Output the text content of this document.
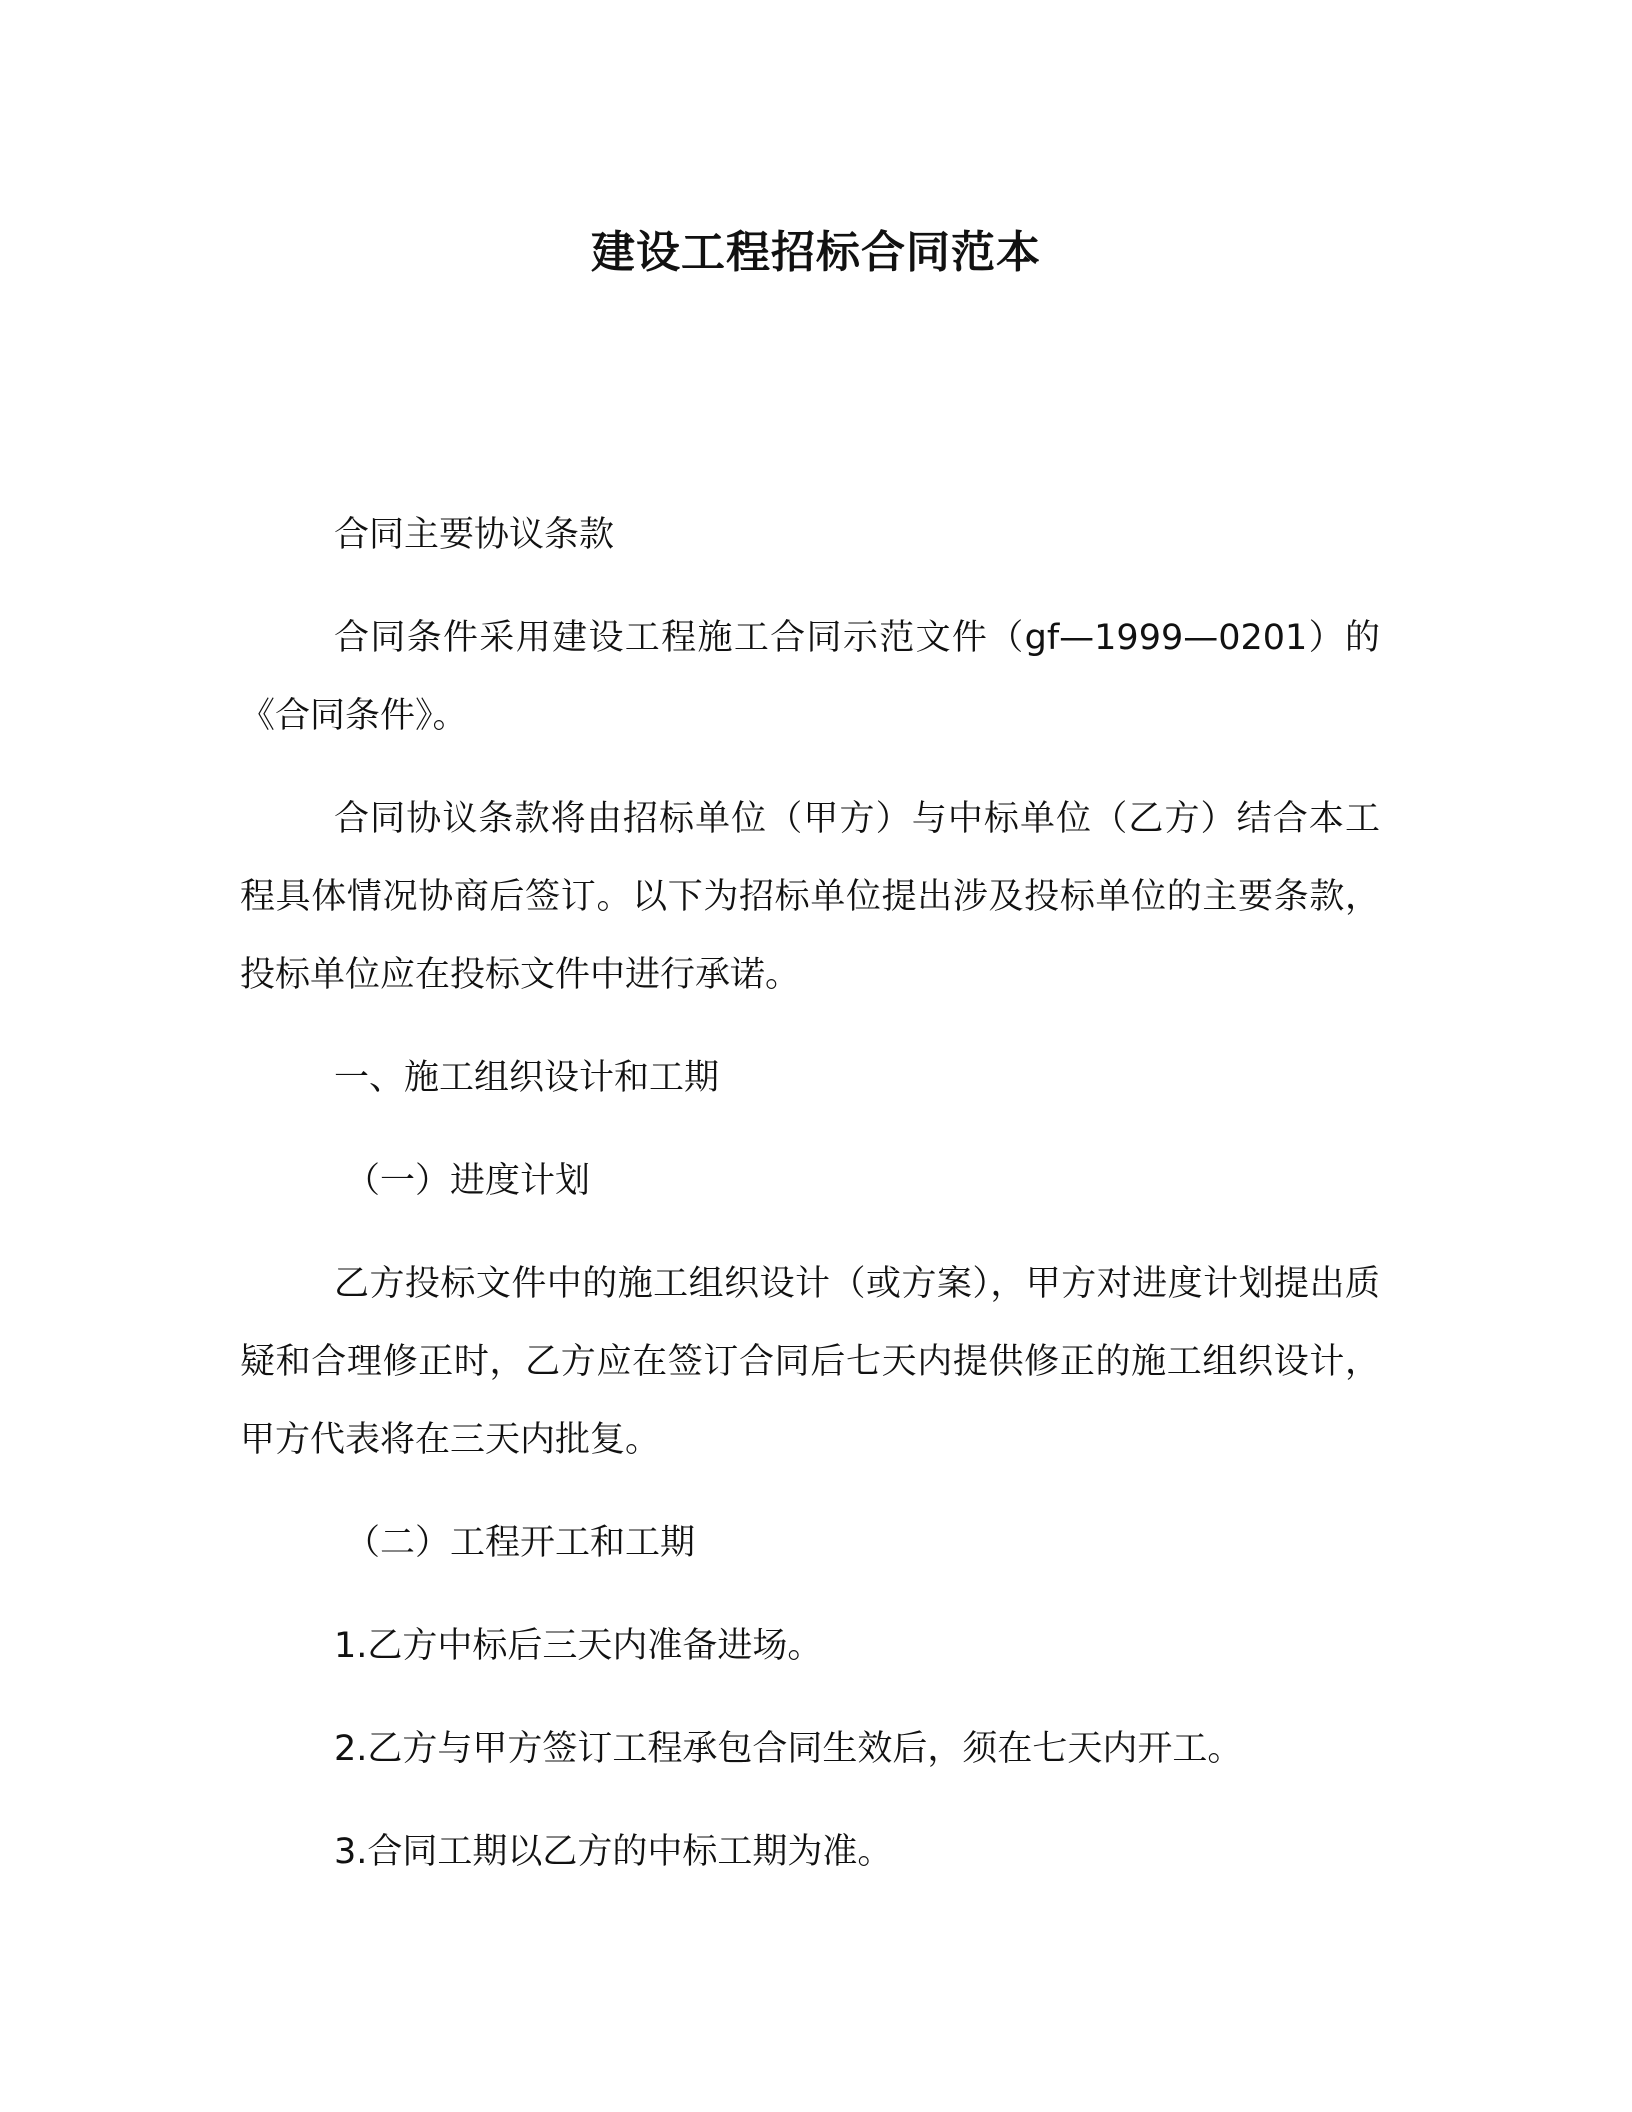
建设工程招标合同范本

合同主要协议条款

合同条件采用建设工程施工合同示范文件（gf—1999—0201）的《合同条件》。

合同协议条款将由招标单位（甲方）与中标单位（乙方）结合本工程具体情况协商后签订。以下为招标单位提出涉及投标单位的主要条款，投标单位应在投标文件中进行承诺。

一、施工组织设计和工期

（一）进度计划

乙方投标文件中的施工组织设计（或方案），甲方对进度计划提出质疑和合理修正时，乙方应在签订合同后七天内提供修正的施工组织设计，甲方代表将在三天内批复。

（二）工程开工和工期

1.乙方中标后三天内准备进场。

2.乙方与甲方签订工程承包合同生效后，须在七天内开工。

3.合同工期以乙方的中标工期为准。
